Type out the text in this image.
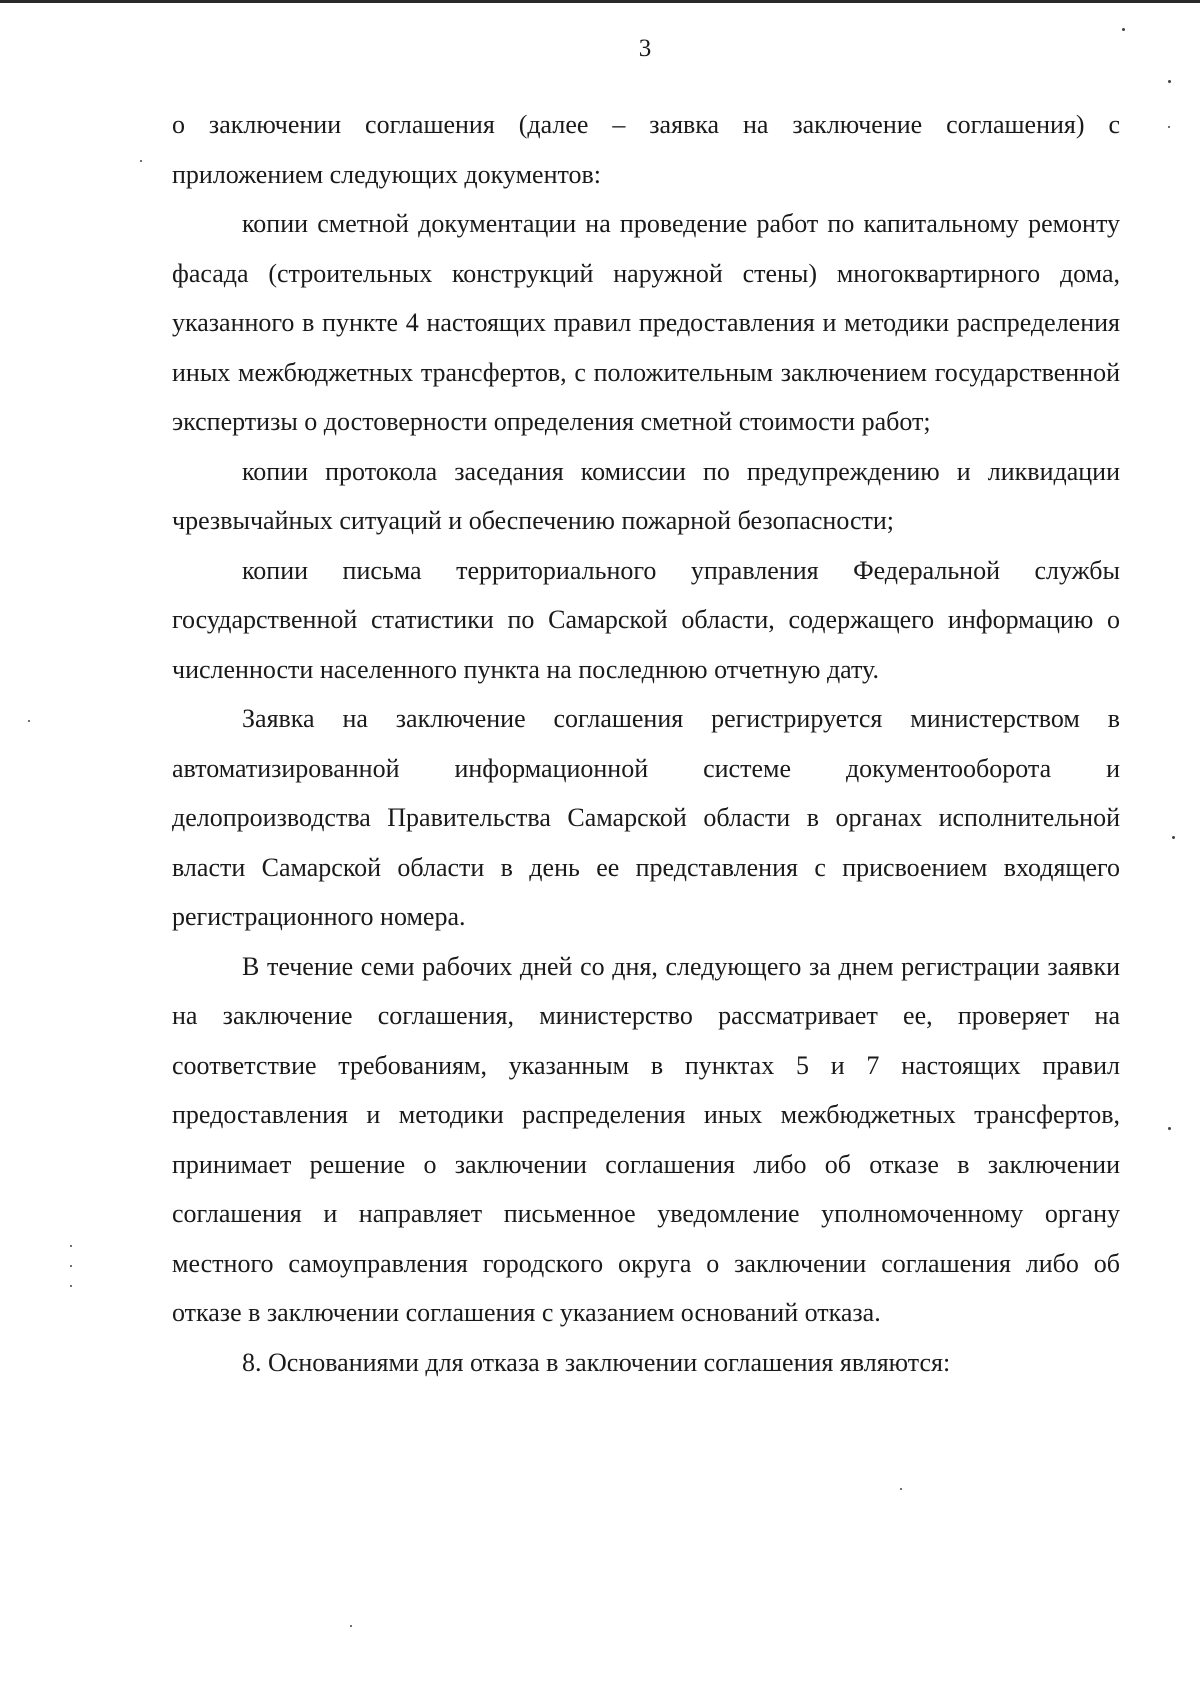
3

о заключении соглашения (далее – заявка на заключение соглашения) с приложением следующих документов:

копии сметной документации на проведение работ по капитальному ремонту фасада (строительных конструкций наружной стены) многоквартирного дома, указанного в пункте 4 настоящих правил предоставления и методики распределения иных межбюджетных трансфертов, с положительным заключением государственной экспертизы о достоверности определения сметной стоимости работ;

копии протокола заседания комиссии по предупреждению и ликвидации чрезвычайных ситуаций и обеспечению пожарной безопасности;

копии письма территориального управления Федеральной службы государственной статистики по Самарской области, содержащего информацию о численности населенного пункта на последнюю отчетную дату.

Заявка на заключение соглашения регистрируется министерством в автоматизированной информационной системе документооборота и делопроизводства Правительства Самарской области в органах исполнительной власти Самарской области в день ее представления с присвоением входящего регистрационного номера.

В течение семи рабочих дней со дня, следующего за днем регистрации заявки на заключение соглашения, министерство рассматривает ее, проверяет на соответствие требованиям, указанным в пунктах 5 и 7 настоящих правил предоставления и методики распределения иных межбюджетных трансфертов, принимает решение о заключении соглашения либо об отказе в заключении соглашения и направляет письменное уведомление уполномоченному органу местного самоуправления городского округа о заключении соглашения либо об отказе в заключении соглашения с указанием оснований отказа.

8. Основаниями для отказа в заключении соглашения являются:
